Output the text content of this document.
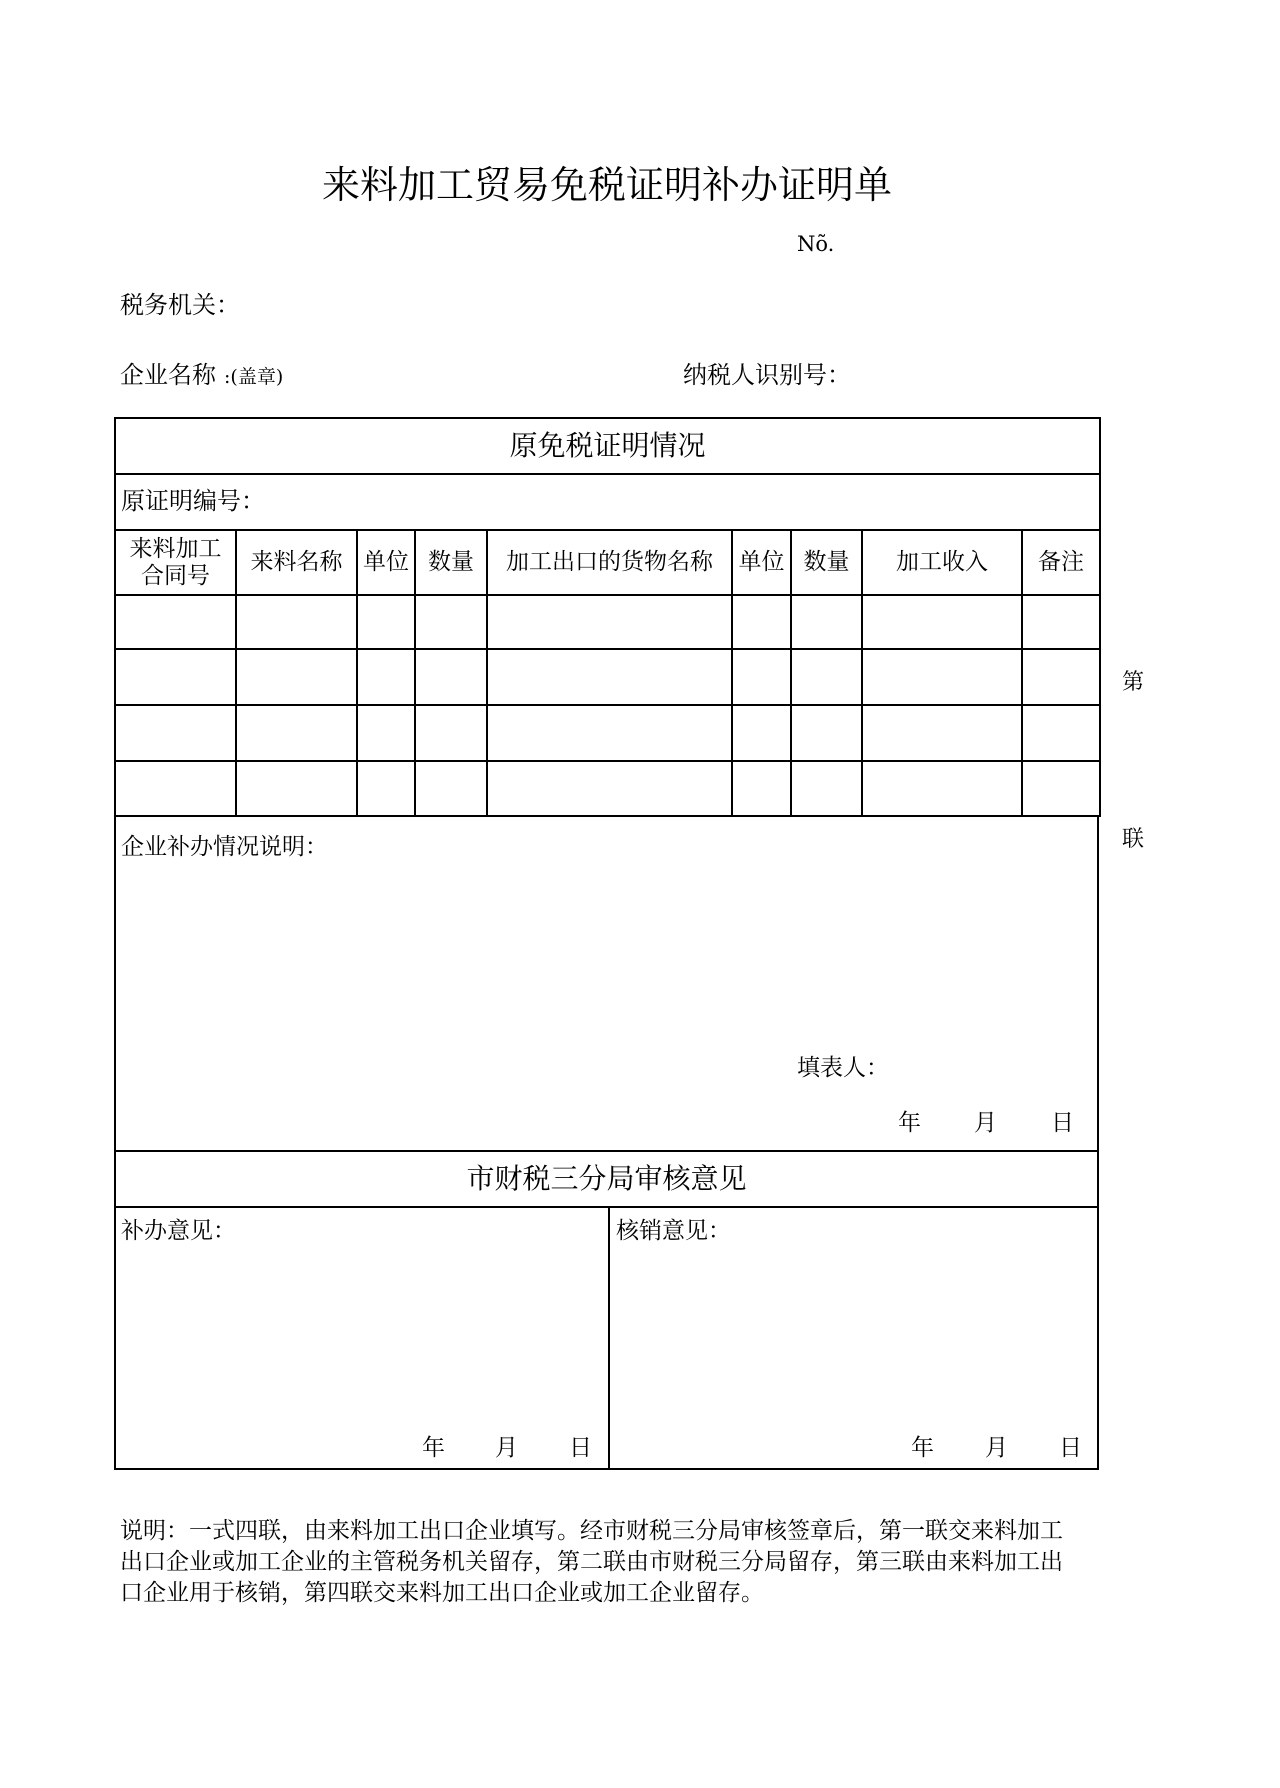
来料加工贸易免税证明补办证明单
Nõ.
税务机关：
企业名称 :(盖章)	纳税人识别号：
原免税证明情况								
原证明编号：								
来料加工
合同号	来料名称	单位	数量	加工出口的货物名称	单位	数量	加工收入	备注

企业补办情况说明：
填表人：
年 月 日
市财税三分局审核意见
补办意见：
年 月 日
核销意见：
年 月 日
第
联
说明：一式四联，由来料加工出口企业填写。经市财税三分局审核签章后，第一联交来料加工
出口企业或加工企业的主管税务机关留存，第二联由市财税三分局留存，第三联由来料加工出
口企业用于核销，第四联交来料加工出口企业或加工企业留存。
